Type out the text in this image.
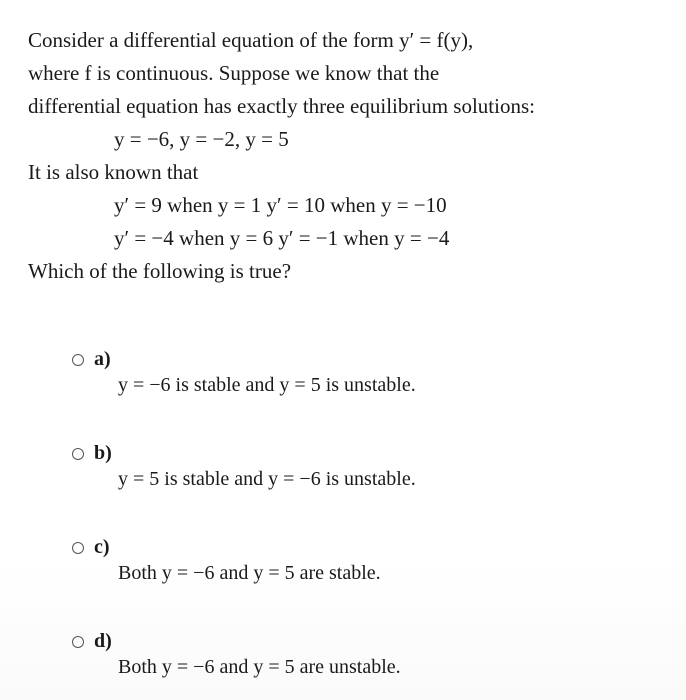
Consider a differential equation of the form y′ = f(y),
where f is continuous. Suppose we know that the
differential equation has exactly three equilibrium solutions:
y = −6, y = −2, y = 5
It is also known that
y′ = 9 when y = 1 y′ = 10 when y = −10
y′ = −4 when y = 6 y′ = −1 when y = −4
Which of the following is true?
a)
y = −6 is stable and y = 5 is unstable.
b)
y = 5 is stable and y = −6 is unstable.
c)
Both y = −6 and y = 5 are stable.
d)
Both y = −6 and y = 5 are unstable.
